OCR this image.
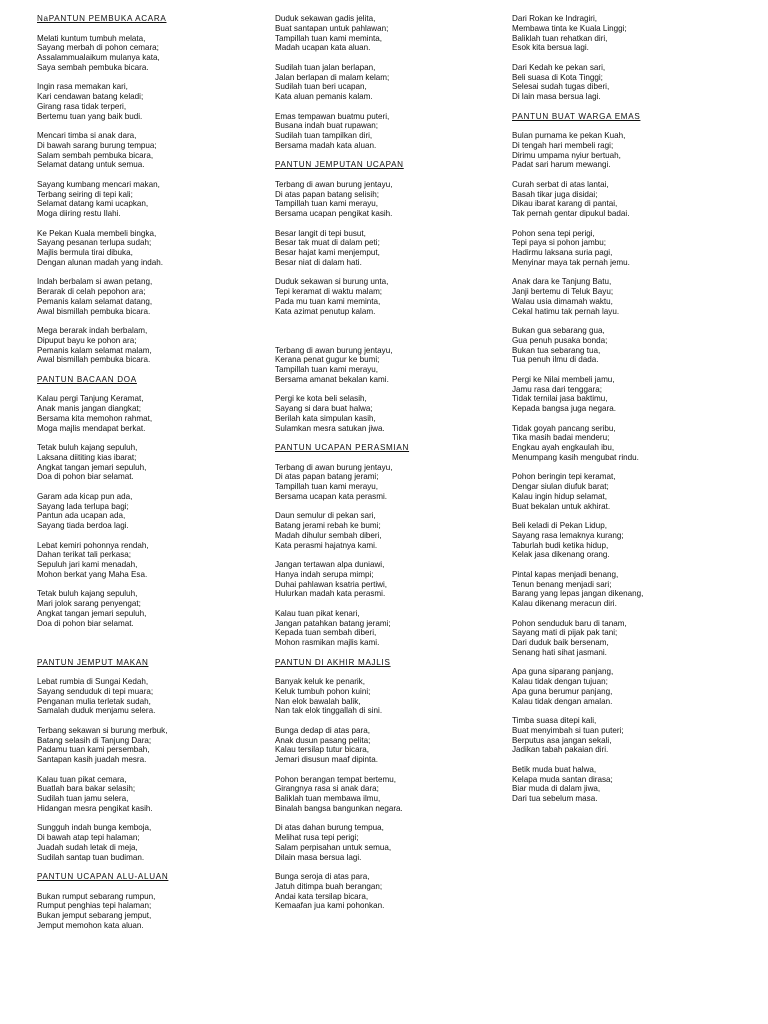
NaPANTUN PEMBUKA ACARA
Melati kuntum tumbuh melata,
Sayang merbah di pohon cemara;
Assalammualaikum mulanya kata,
Saya sembah pembuka bicara.
Ingin rasa memakan kari,
Kari cendawan batang keladi;
Girang rasa tidak terperi,
Bertemu tuan yang baik budi.
Mencari timba si anak dara,
Di bawah sarang burung tempua;
Salam sembah pembuka bicara,
Selamat datang untuk semua.
Sayang kumbang mencari makan,
Terbang seiring di tepi kali;
Selamat datang kami ucapkan,
Moga diiring restu Ilahi.
Ke Pekan Kuala membeli bingka,
Sayang pesanan terlupa sudah;
Majlis bermula tirai dibuka,
Dengan alunan madah yang indah.
Indah berbalam si awan petang,
Berarak di celah pepohon ara;
Pemanis kalam selamat datang,
Awal bismillah pembuka bicara.
Mega berarak indah berbalam,
Dipuput bayu ke pohon ara;
Pemanis kalam selamat malam,
Awal bismillah pembuka bicara.
PANTUN BACAAN DOA
Kalau pergi Tanjung Keramat,
Anak manis jangan diangkat;
Bersama kita memohon rahmat,
Moga majlis mendapat berkat.
Tetak buluh kajang sepuluh,
Laksana diititing kias ibarat;
Angkat tangan jemari sepuluh,
Doa di pohon biar selamat.
Garam ada kicap pun ada,
Sayang lada terlupa bagi;
Pantun ada ucapan ada,
Sayang tiada berdoa lagi.
Lebat kemiri pohonnya rendah,
Dahan terikat tali perkasa;
Sepuluh jari kami menadah,
Mohon berkat yang Maha Esa.
Tetak buluh kajang sepuluh,
Mari jolok sarang penyengat;
Angkat tangan jemari sepuluh,
Doa di pohon biar selamat.
PANTUN JEMPUT MAKAN
Lebat rumbia di Sungai Kedah,
Sayang senduduk di tepi muara;
Penganan mulia terletak sudah,
Samalah duduk menjamu selera.
Terbang sekawan si burung merbuk,
Batang selasih di Tanjung Dara;
Padamu tuan kami persembah,
Santapan kasih juadah mesra.
Kalau tuan pikat cemara,
Buatlah bara bakar selasih;
Sudilah tuan jamu selera,
Hidangan mesra pengikat kasih.
Sungguh indah bunga kemboja,
Di bawah atap tepi halaman;
Juadah sudah letak di meja,
Sudilah santap tuan budiman.
PANTUN UCAPAN ALU-ALUAN
Bukan rumput sebarang rumpun,
Rumput penghias tepi halaman;
Bukan jemput sebarang jemput,
Jemput memohon kata aluan.
Duduk sekawan gadis jelita,
Buat santapan untuk pahlawan;
Tampillah tuan kami meminta,
Madah ucapan kata aluan.
Sudilah tuan jalan berlapan,
Jalan berlapan di malam kelam;
Sudilah tuan beri ucapan,
Kata aluan pemanis kalam.
Emas tempawan buatmu puteri,
Busana indah buat rupawan;
Sudilah tuan tampilkan diri,
Bersama madah kata aluan.
PANTUN JEMPUTAN UCAPAN
Terbang di awan burung jentayu,
Di atas papan batang selisih;
Tampillah tuan kami merayu,
Bersama ucapan pengikat kasih.
Besar langit di tepi busut,
Besar tak muat di dalam peti;
Besar hajat kami menjemput,
Besar niat di dalam hati.
Duduk sekawan si burung unta,
Tepi keramat di waktu malam;
Pada mu tuan kami meminta,
Kata azimat penutup kalam.
Terbang di awan burung jentayu,
Kerana penat gugur ke bumi;
Tampillah tuan kami merayu,
Bersama amanat bekalan kami.
Pergi ke kota beli selasih,
Sayang si dara buat halwa;
Berilah kata simpulan kasih,
Sulamkan mesra satukan jiwa.
PANTUN UCAPAN PERASMIAN
Terbang di awan burung jentayu,
Di atas papan batang jerami;
Tampillah tuan kami merayu,
Bersama ucapan kata perasmi.
Daun semulur di pekan sari,
Batang jerami rebah ke bumi;
Madah dihulur sembah diberi,
Kata perasmi hajatnya kami.
Jangan tertawan alpa duniawi,
Hanya indah serupa mimpi;
Duhai pahlawan ksatria pertiwi,
Hulurkan madah kata perasmi.
Kalau tuan pikat kenari,
Jangan patahkan batang jerami;
Kepada tuan sembah diberi,
Mohon rasmikan majlis kami.
PANTUN DI AKHIR MAJLIS
Banyak keluk ke penarik,
Keluk tumbuh pohon kuini;
Nan elok bawalah balik,
Nan tak elok tinggallah di sini.
Bunga dedap di atas para,
Anak dusun pasang pelita;
Kalau tersilap tutur bicara,
Jemari disusun maaf dipinta.
Pohon berangan tempat bertemu,
Girangnya rasa si anak dara;
Baliklah tuan membawa ilmu,
Binalah bangsa bangunkan negara.
Di atas dahan burung tempua,
Melihat rusa tepi perigi;
Salam perpisahan untuk semua,
Dilain masa bersua lagi.
Bunga seroja di atas para,
Jatuh ditimpa buah berangan;
Andai kata tersilap bicara,
Kemaafan jua kami pohonkan.
Dari Rokan ke Indragiri,
Membawa tinta ke Kuala Linggi;
Baliklah tuan rehatkan diri,
Esok kita bersua lagi.
Dari Kedah ke pekan sari,
Beli suasa di Kota Tinggi;
Selesai sudah tugas diberi,
Di lain masa bersua lagi.
PANTUN BUAT WARGA EMAS
Bulan purnama ke pekan Kuah,
Di tengah hari membeli ragi;
Dirimu umpama nyiur bertuah,
Padat sari harum mewangi.
Curah serbat di atas lantai,
Basah tikar juga disidai;
Dikau ibarat karang di pantai,
Tak pernah gentar dipukul badai.
Pohon sena tepi perigi,
Tepi paya si pohon jambu;
Hadirmu laksana suria pagi,
Menyinar maya tak pernah jemu.
Anak dara ke Tanjung Batu,
Janji bertemu di Teluk Bayu;
Walau usia dimamah waktu,
Cekal hatimu tak pernah layu.
Bukan gua sebarang gua,
Gua penuh pusaka bonda;
Bukan tua sebarang tua,
Tua penuh ilmu di dada.
Pergi ke Nilai membeli jamu,
Jamu rasa dari tenggara;
Tidak ternilai jasa baktimu,
Kepada bangsa juga negara.
Tidak goyah pancang seribu,
Tika masih badai menderu;
Engkau ayah engkaulah ibu,
Menumpang kasih mengubat rindu.
Pohon beringin tepi keramat,
Dengar siulan diufuk barat;
Kalau ingin hidup selamat,
Buat bekalan untuk akhirat.
Beli keladi di Pekan Lidup,
Sayang rasa lemaknya kurang;
Taburlah budi ketika hidup,
Kelak jasa dikenang orang.
Pintal kapas menjadi benang,
Tenun benang menjadi sari;
Barang yang lepas jangan dikenang,
Kalau dikenang meracun diri.
Pohon senduduk baru di tanam,
Sayang mati di pijak pak tani;
Dari duduk baik bersenam,
Senang hati sihat jasmani.
Apa guna siparang panjang,
Kalau tidak dengan tujuan;
Apa guna berumur panjang,
Kalau tidak dengan amalan.
Timba suasa ditepi kali,
Buat menyimbah si tuan puteri;
Berputus asa jangan sekali,
Jadikan tabah pakaian diri.
Betik muda buat halwa,
Kelapa muda santan dirasa;
Biar muda di dalam jiwa,
Dari tua sebelum masa.
